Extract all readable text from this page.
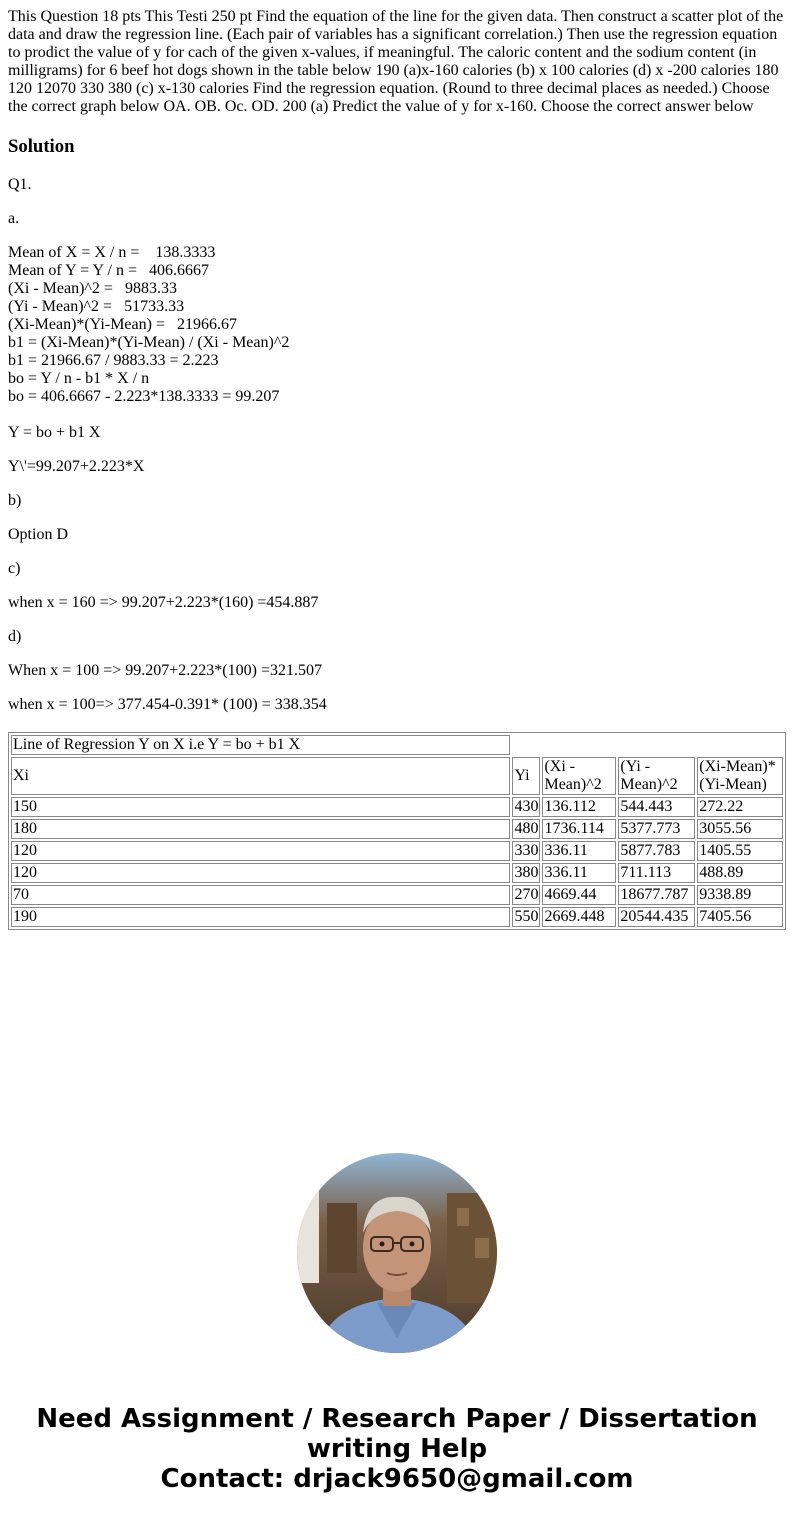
This Question 18 pts This Testi 250 pt Find the equation of the line for the given data. Then construct a scatter plot of the data and draw the regression line. (Each pair of variables has a significant correlation.) Then use the regression equation to prodict the value of y for cach of the given x-values, if meaningful. The caloric content and the sodium content (in milligrams) for 6 beef hot dogs shown in the table below 190 (a)x-160 calories (b) x 100 calories (d) x -200 calories 180 120 12070 330 380 (c) x-130 calories Find the regression equation. (Round to three decimal places as needed.) Choose the correct graph below OA. OB. Oc. OD. 200 (a) Predict the value of y for x-160. Choose the correct answer below
Solution

Q1.

a.

Mean of X = X / n =    138.3333
Mean of Y = Y / n =   406.6667
(Xi - Mean)^2 =   9883.33
(Yi - Mean)^2 =   51733.33
(Xi-Mean)*(Yi-Mean) =   21966.67
b1 = (Xi-Mean)*(Yi-Mean) / (Xi - Mean)^2
b1 = 21966.67 / 9883.33 = 2.223
bo = Y / n - b1 * X / n
bo = 406.6667 - 2.223*138.3333 = 99.207

Y = bo + b1 X

Y\'=99.207+2.223*X

b)

Option D

c)

when x = 160 => 99.207+2.223*(160) =454.887

d)

When x = 100 => 99.207+2.223*(100) =321.507

when x = 100=> 377.454-0.391* (100) = 338.354

Line of Regression Y on X i.e Y = bo + b1 X				
Xi	Yi	(Xi - Mean)^2	(Yi - Mean)^2	(Xi-Mean)*(Yi-Mean)
150	430	136.112	544.443	272.22
180	480	1736.114	5377.773	3055.56
120	330	336.11	5877.783	1405.55
120	380	336.11	711.113	488.89
70	270	4669.44	18677.787	9338.89
190	550	2669.448	20544.435	7405.56
Need Assignment / Research Paper / Dissertation
writing Help
Contact: drjack9650@gmail.com
